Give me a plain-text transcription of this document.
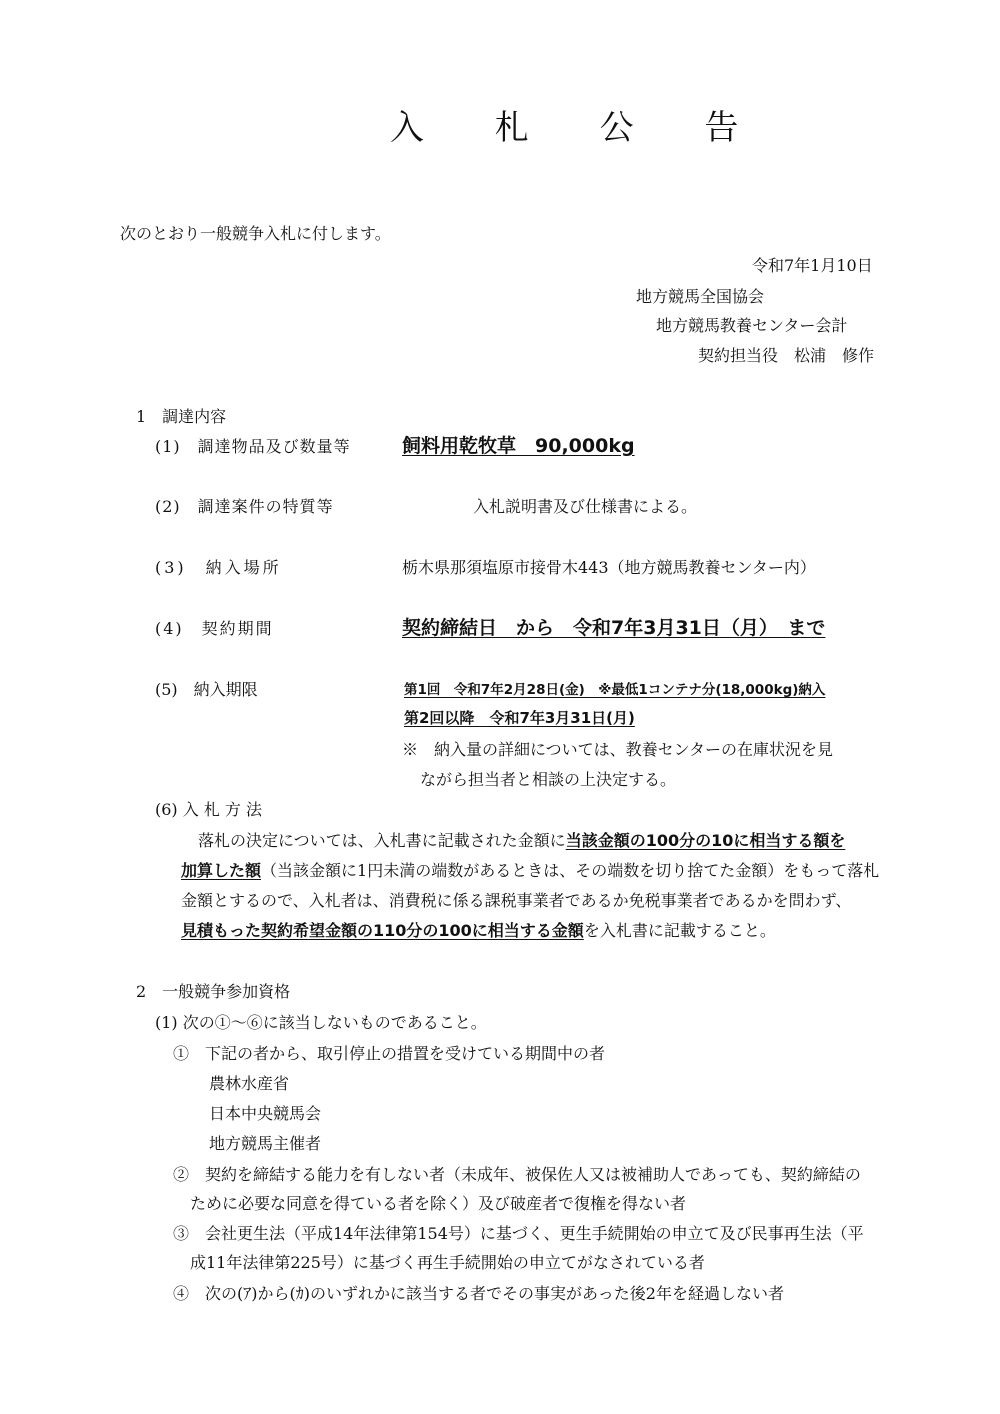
入 札 公 告
次のとおり一般競争入札に付します。
令和7年1月10日
地方競馬全国協会
地方競馬教養センター会計
契約担当役　松浦　修作
1　調達内容
(1)　調達物品及び数量等	飼料用乾牧草　90,000kg
(2)　調達案件の特質等	入札説明書及び仕様書による。
(3)　納入場所	栃木県那須塩原市接骨木443（地方競馬教養センター内）
(4)　契約期間	契約締結日　から　令和7年3月31日（月）　まで
(5)　納入期限	第1回　令和7年2月28日(金)　※最低1コンテナ分(18,000kg)納入
第2回以降　令和7年3月31日(月)
※　納入量の詳細については、教養センターの在庫状況を見
ながら担当者と相談の上決定する。
(6) 入 札 方 法
落札の決定については、入札書に記載された金額に当該金額の100分の10に相当する額を
加算した額（当該金額に1円未満の端数があるときは、その端数を切り捨てた金額）をもって落札
金額とするので、入札者は、消費税に係る課税事業者であるか免税事業者であるかを問わず、
見積もった契約希望金額の110分の100に相当する金額を入札書に記載すること。
2　一般競争参加資格
(1) 次の①～⑥に該当しないものであること。
①　下記の者から、取引停止の措置を受けている期間中の者
農林水産省
日本中央競馬会
地方競馬主催者
②　契約を締結する能力を有しない者（未成年、被保佐人又は被補助人であっても、契約締結の
ために必要な同意を得ている者を除く）及び破産者で復権を得ない者
③　会社更生法（平成14年法律第154号）に基づく、更生手続開始の申立て及び民事再生法（平
成11年法律第225号）に基づく再生手続開始の申立てがなされている者
④　次の(ｱ)から(ｶ)のいずれかに該当する者でその事実があった後2年を経過しない者
